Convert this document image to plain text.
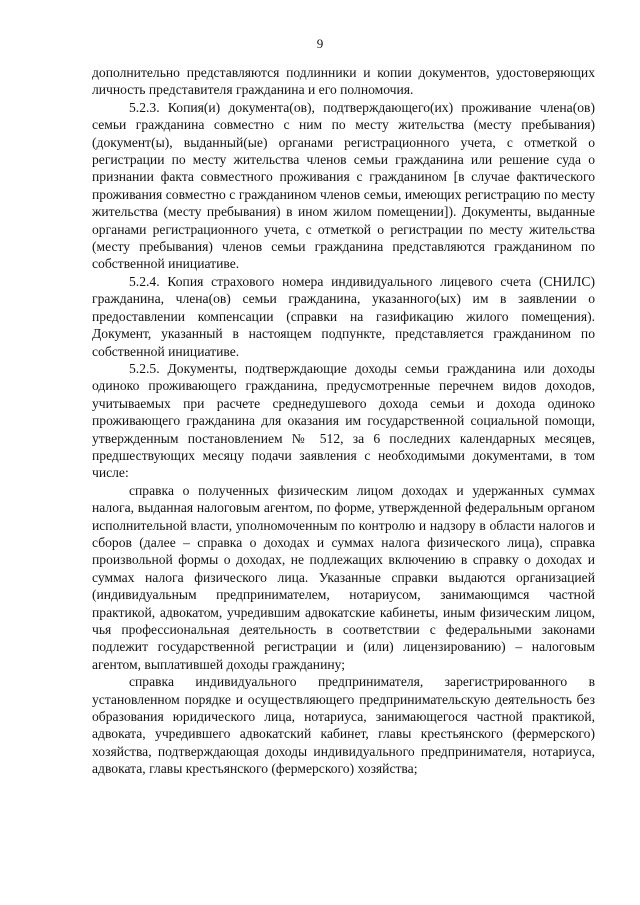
9

дополнительно представляются подлинники и копии документов, удостоверяющих личность представителя гражданина и его полномочия.

5.2.3. Копия(и) документа(ов), подтверждающего(их) проживание члена(ов) семьи гражданина совместно с ним по месту жительства (месту пребывания) (документ(ы), выданный(ые) органами регистрационного учета, с отметкой о регистрации по месту жительства членов семьи гражданина или решение суда о признании факта совместного проживания с гражданином [в случае фактического проживания совместно с гражданином членов семьи, имеющих регистрацию по месту жительства (месту пребывания) в ином жилом помещении]). Документы, выданные органами регистрационного учета, с отметкой о регистрации по месту жительства (месту пребывания) членов семьи гражданина представляются гражданином по собственной инициативе.

5.2.4. Копия страхового номера индивидуального лицевого счета (СНИЛС) гражданина, члена(ов) семьи гражданина, указанного(ых) им в заявлении о предоставлении компенсации (справки на газификацию жилого помещения). Документ, указанный в настоящем подпункте, представляется гражданином по собственной инициативе.

5.2.5. Документы, подтверждающие доходы семьи гражданина или доходы одиноко проживающего гражданина, предусмотренные перечнем видов доходов, учитываемых при расчете среднедушевого дохода семьи и дохода одиноко проживающего гражданина для оказания им государственной социальной помощи, утвержденным постановлением № 512, за 6 последних календарных месяцев, предшествующих месяцу подачи заявления с необходимыми документами, в том числе:

справка о полученных физическим лицом доходах и удержанных суммах налога, выданная налоговым агентом, по форме, утвержденной федеральным органом исполнительной власти, уполномоченным по контролю и надзору в области налогов и сборов (далее – справка о доходах и суммах налога физического лица), справка произвольной формы о доходах, не подлежащих включению в справку о доходах и суммах налога физического лица. Указанные справки выдаются организацией (индивидуальным предпринимателем, нотариусом, занимающимся частной практикой, адвокатом, учредившим адвокатские кабинеты, иным физическим лицом, чья профессиональная деятельность в соответствии с федеральными законами подлежит государственной регистрации и (или) лицензированию) – налоговым агентом, выплатившей доходы гражданину;

справка индивидуального предпринимателя, зарегистрированного в установленном порядке и осуществляющего предпринимательскую деятельность без образования юридического лица, нотариуса, занимающегося частной практикой, адвоката, учредившего адвокатский кабинет, главы крестьянского (фермерского) хозяйства, подтверждающая доходы индивидуального предпринимателя, нотариуса, адвоката, главы крестьянского (фермерского) хозяйства;
